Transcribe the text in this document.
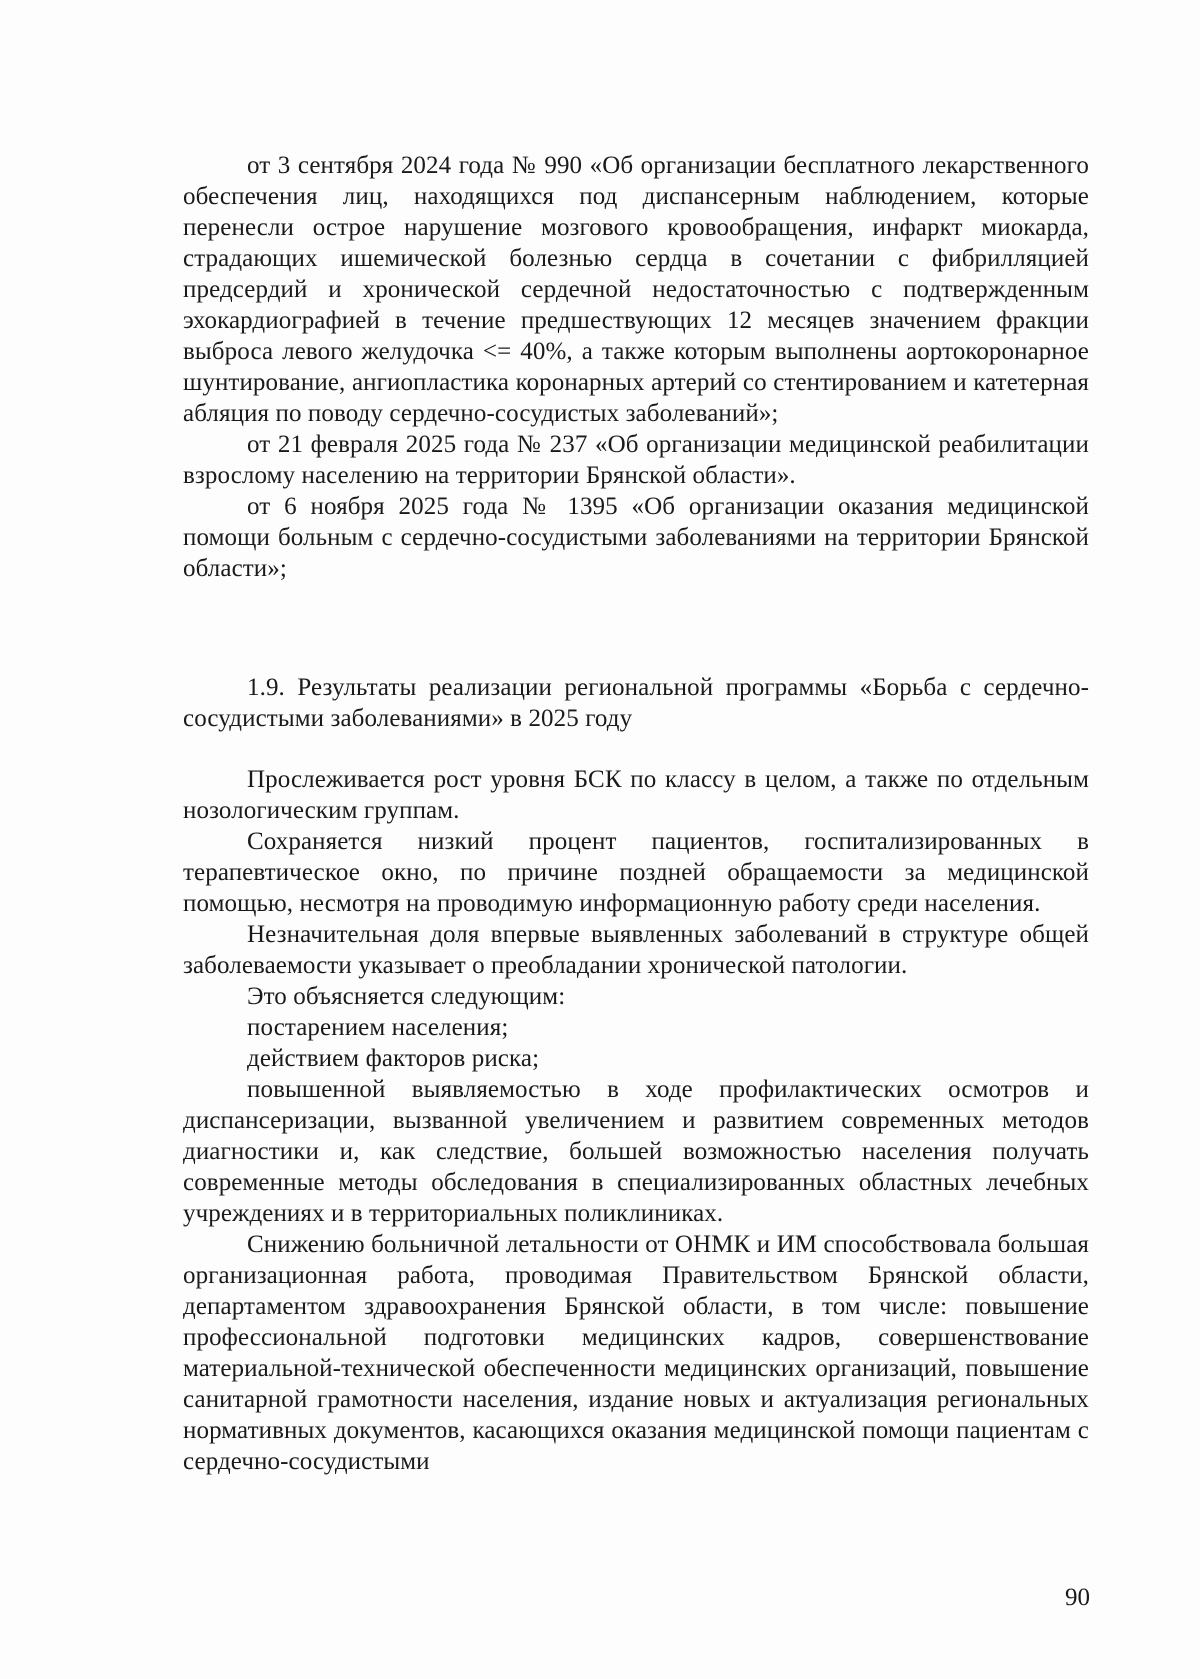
от 3 сентября 2024 года № 990 «Об организации бесплатного лекарственного обеспечения лиц, находящихся под диспансерным наблюдением, которые перенесли острое нарушение мозгового кровообращения, инфаркт миокарда, страдающих ишемической болезнью сердца в сочетании с фибрилляцией предсердий и хронической сердечной недостаточностью с подтвержденным эхокардиографией в течение предшествующих 12 месяцев значением фракции выброса левого желудочка <= 40%, а также которым выполнены аортокоронарное шунтирование, ангиопластика коронарных артерий со стентированием и катетерная абляция по поводу сердечно-сосудистых заболеваний»;

от 21 февраля 2025 года № 237 «Об организации медицинской реабилитации взрослому населению на территории Брянской области».

от 6 ноября 2025 года № 1395 «Об организации оказания медицинской помощи больным с сердечно-сосудистыми заболеваниями на территории Брянской области»;

1.9. Результаты реализации региональной программы «Борьба с сердечно-сосудистыми заболеваниями» в 2025 году

Прослеживается рост уровня БСК по классу в целом, а также по отдельным нозологическим группам.

Сохраняется низкий процент пациентов, госпитализированных в терапевтическое окно, по причине поздней обращаемости за медицинской помощью, несмотря на проводимую информационную работу среди населения.

Незначительная доля впервые выявленных заболеваний в структуре общей заболеваемости указывает о преобладании хронической патологии.

Это объясняется следующим:

постарением населения;

действием факторов риска;

повышенной выявляемостью в ходе профилактических осмотров и диспансеризации, вызванной увеличением и развитием современных методов диагностики и, как следствие, большей возможностью населения получать современные методы обследования в специализированных областных лечебных учреждениях и в территориальных поликлиниках.

Снижению больничной летальности от ОНМК и ИМ способствовала большая организационная работа, проводимая Правительством Брянской области, департаментом здравоохранения Брянской области, в том числе: повышение профессиональной подготовки медицинских кадров, совершенствование материальной-технической обеспеченности медицинских организаций, повышение санитарной грамотности населения, издание новых и актуализация региональных нормативных документов, касающихся оказания медицинской помощи пациентам с сердечно-сосудистыми

90
